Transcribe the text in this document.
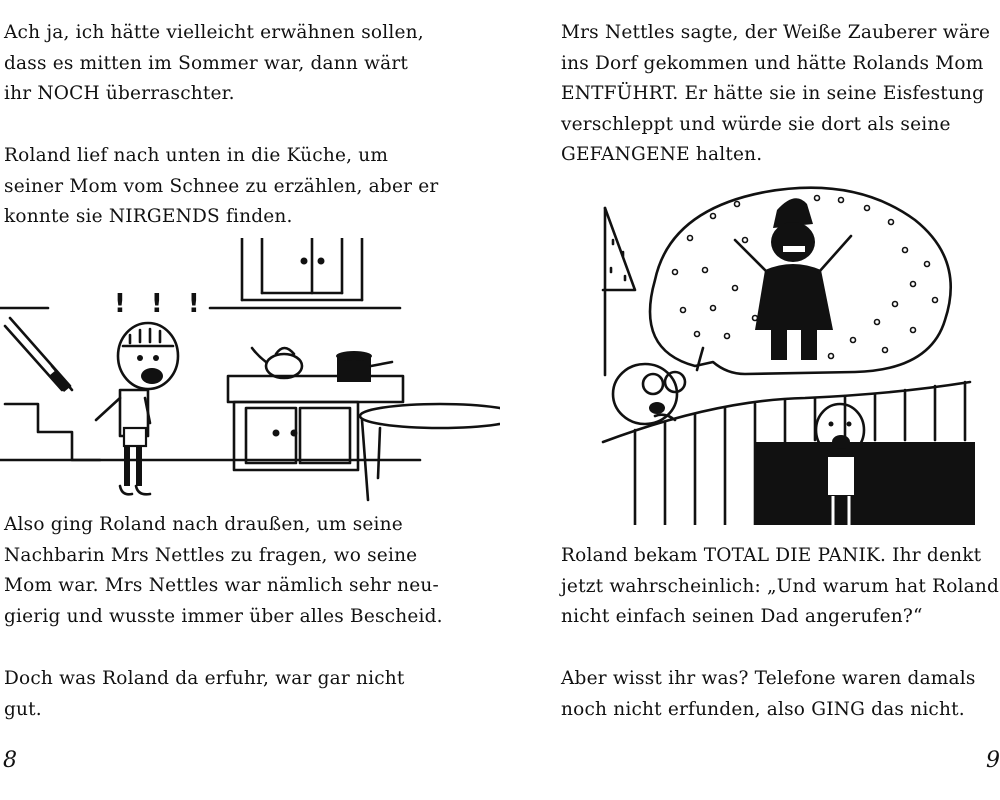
Ach ja, ich hätte vielleicht erwähnen sollen,
dass es mitten im Sommer war, dann wärt
ihr NOCH überraschter.

Roland lief nach unten in die Küche, um
seiner Mom vom Schnee zu erzählen, aber er
konnte sie NIRGENDS finden.

! ! !

Also ging Roland nach draußen, um seine
Nachbarin Mrs Nettles zu fragen, wo seine
Mom war. Mrs Nettles war nämlich sehr neu-
gierig und wusste immer über alles Bescheid.

Doch was Roland da erfuhr, war gar nicht
gut.

8

Mrs Nettles sagte, der Weiße Zauberer wäre
ins Dorf gekommen und hätte Rolands Mom
ENTFÜHRT. Er hätte sie in seine Eisfestung
verschleppt und würde sie dort als seine
GEFANGENE halten.

Roland bekam TOTAL DIE PANIK. Ihr denkt
jetzt wahrscheinlich: „Und warum hat Roland
nicht einfach seinen Dad angerufen?“

Aber wisst ihr was? Telefone waren damals
noch nicht erfunden, also GING das nicht.

9
